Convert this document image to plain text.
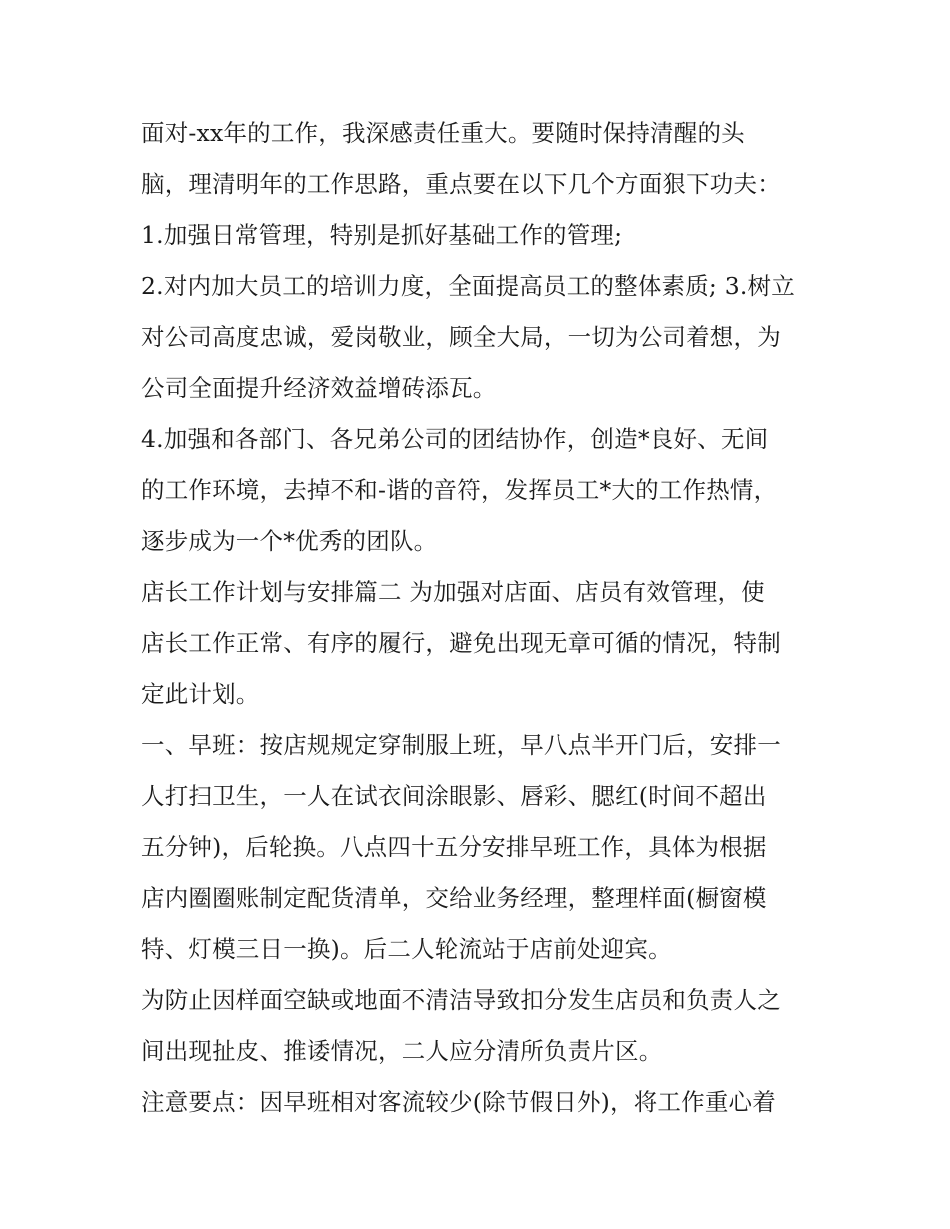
面对-xx年的工作，我深感责任重大。要随时保持清醒的头
脑，理清明年的工作思路，重点要在以下几个方面狠下功夫：
1.加强日常管理，特别是抓好基础工作的管理;
2.对内加大员工的培训力度，全面提高员工的整体素质; 3.树立
对公司高度忠诚，爱岗敬业，顾全大局，一切为公司着想，为
公司全面提升经济效益增砖添瓦。
4.加强和各部门、各兄弟公司的团结协作，创造*良好、无间
的工作环境，去掉不和-谐的音符，发挥员工*大的工作热情，
逐步成为一个*优秀的团队。
店长工作计划与安排篇二 为加强对店面、店员有效管理，使
店长工作正常、有序的履行，避免出现无章可循的情况，特制
定此计划。
一、早班：按店规规定穿制服上班，早八点半开门后，安排一
人打扫卫生，一人在试衣间涂眼影、唇彩、腮红(时间不超出
五分钟)，后轮换。八点四十五分安排早班工作，具体为根据
店内圈圈账制定配货清单，交给业务经理，整理样面(橱窗模
特、灯模三日一换)。后二人轮流站于店前处迎宾。
为防止因样面空缺或地面不清洁导致扣分发生店员和负责人之
间出现扯皮、推诿情况，二人应分清所负责片区。
注意要点：因早班相对客流较少(除节假日外)，将工作重心着
